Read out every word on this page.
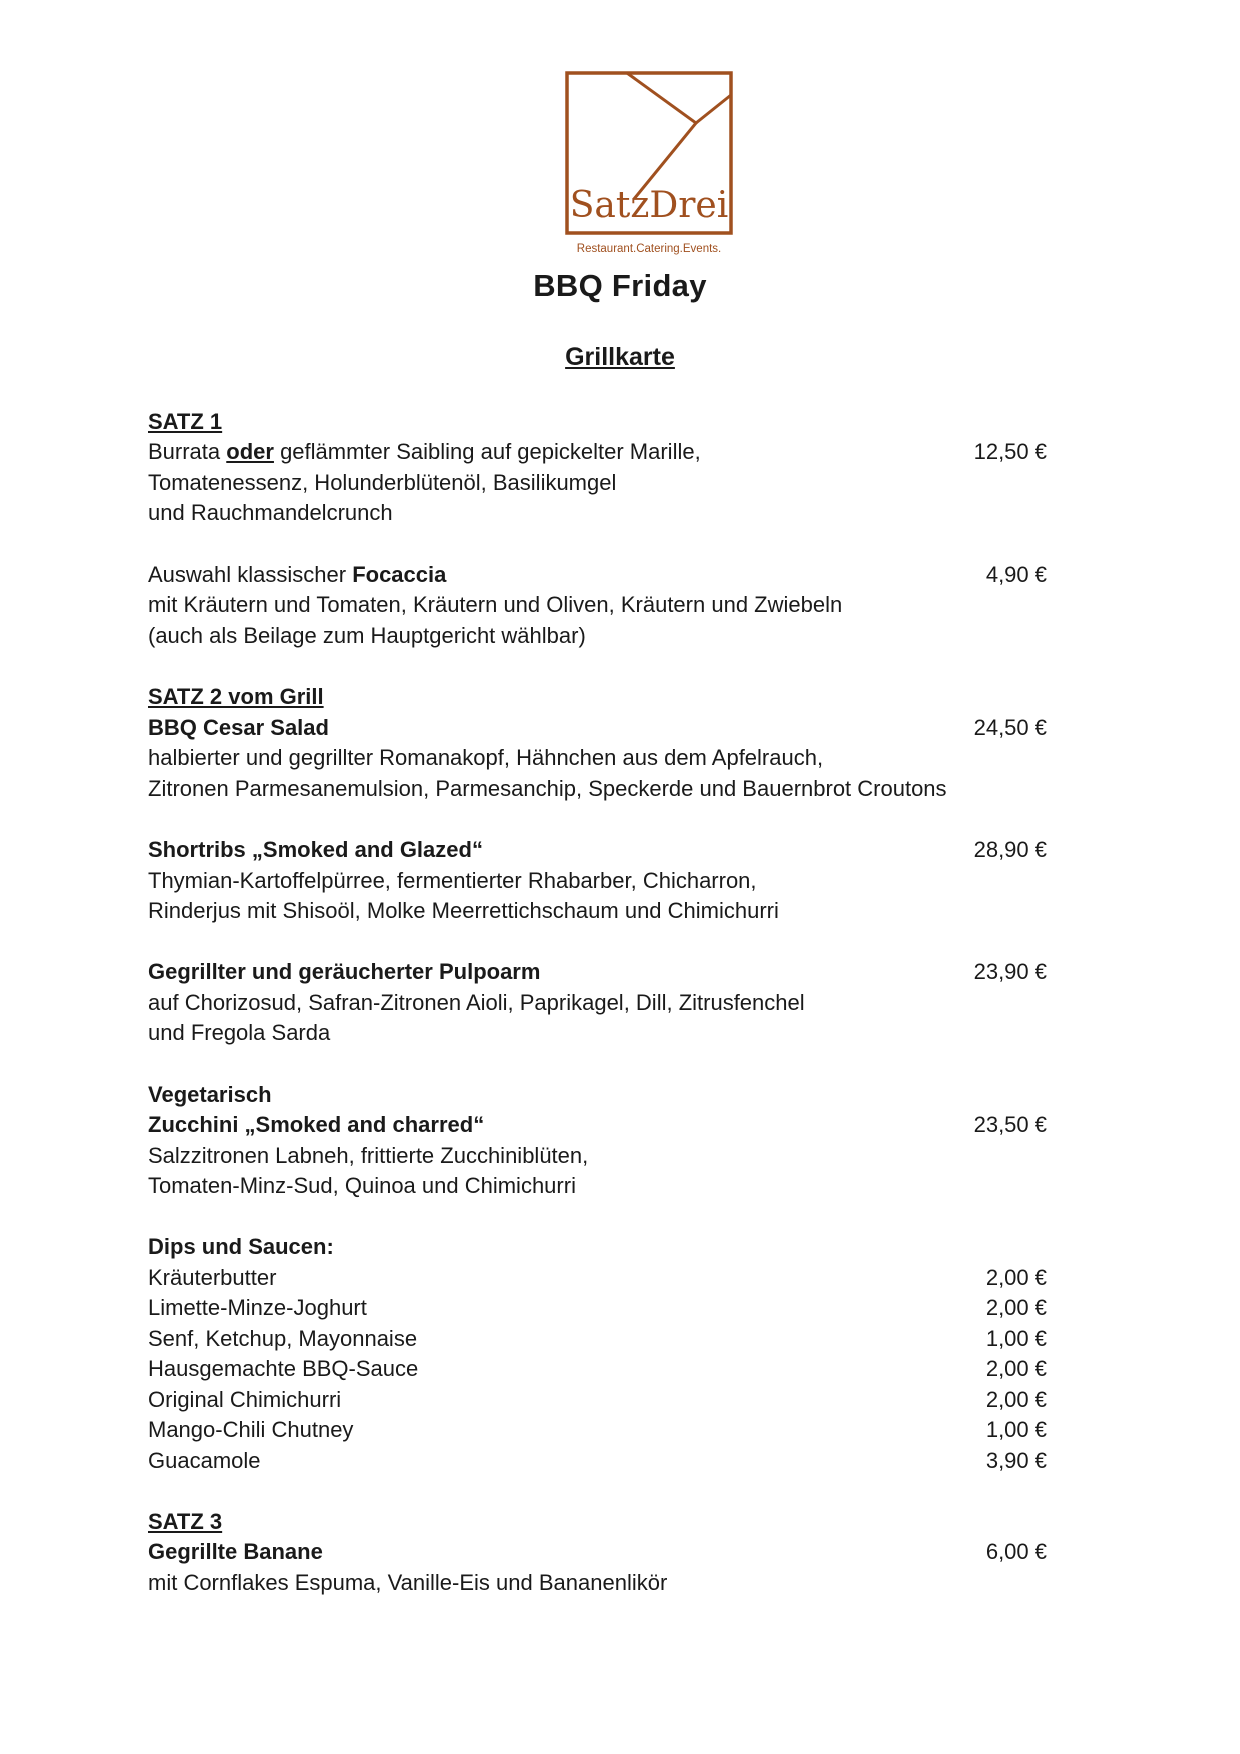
SatzDrei
Restaurant.Catering.Events.
BBQ Friday
Grillkarte
SATZ 1
Burrata oder geflämmter Saibling auf gepickelter Marille,	12,50 €
Tomatenessenz, Holunderblütenöl, Basilikumgel
und Rauchmandelcrunch
Auswahl klassischer Focaccia	4,90 €
mit Kräutern und Tomaten, Kräutern und Oliven, Kräutern und Zwiebeln
(auch als Beilage zum Hauptgericht wählbar)
SATZ 2 vom Grill
BBQ Cesar Salad	24,50 €
halbierter und gegrillter Romanakopf, Hähnchen aus dem Apfelrauch,
Zitronen Parmesanemulsion, Parmesanchip, Speckerde und Bauernbrot Croutons
Shortribs „Smoked and Glazed“	28,90 €
Thymian-Kartoffelpürree, fermentierter Rhabarber, Chicharron,
Rinderjus mit Shisoöl, Molke Meerrettichschaum und Chimichurri
Gegrillter und geräucherter Pulpoarm	23,90 €
auf Chorizosud, Safran-Zitronen Aioli, Paprikagel, Dill, Zitrusfenchel
und Fregola Sarda
Vegetarisch
Zucchini „Smoked and charred“	23,50 €
Salzzitronen Labneh, frittierte Zucchiniblüten,
Tomaten-Minz-Sud, Quinoa und Chimichurri
Dips und Saucen:
Kräuterbutter	2,00 €
Limette-Minze-Joghurt	2,00 €
Senf, Ketchup, Mayonnaise	1,00 €
Hausgemachte BBQ-Sauce	2,00 €
Original Chimichurri	2,00 €
Mango-Chili Chutney	1,00 €
Guacamole	3,90 €
SATZ 3
Gegrillte Banane	6,00 €
mit Cornflakes Espuma, Vanille-Eis und Bananenlikör
